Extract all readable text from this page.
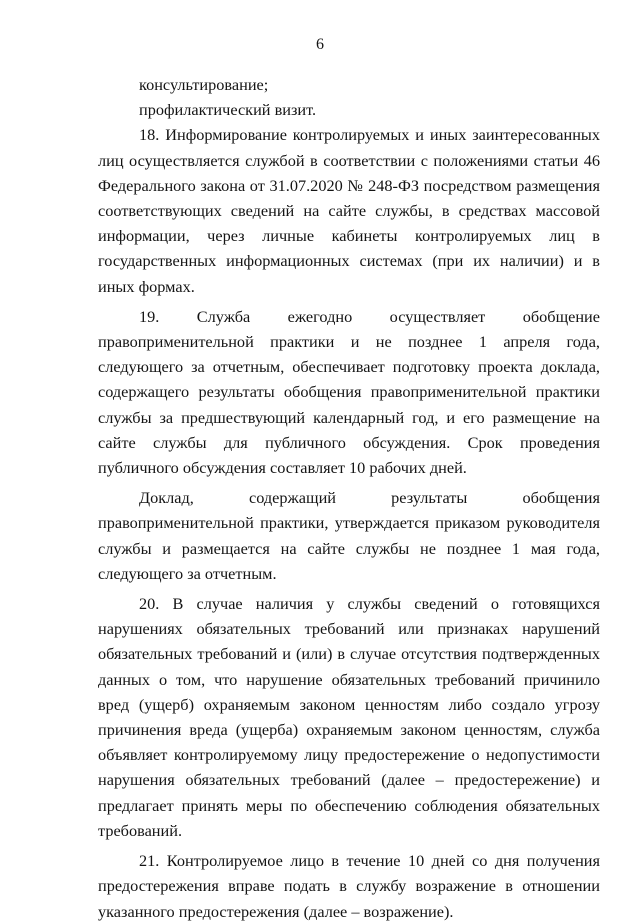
6

консультирование;

профилактический визит.

18. Информирование контролируемых и иных заинтересованных лиц осуществляется службой в соответствии с положениями статьи 46 Федерального закона от 31.07.2020 № 248-ФЗ посредством размещения соответствующих сведений на сайте службы, в средствах массовой информации, через личные кабинеты контролируемых лиц в государственных информационных системах (при их наличии) и в иных формах.

19. Служба ежегодно осуществляет обобщение правоприменительной практики и не позднее 1 апреля года, следующего за отчетным, обеспечивает подготовку проекта доклада, содержащего результаты обобщения правоприменительной практики службы за предшествующий календарный год, и его размещение на сайте службы для публичного обсуждения. Срок проведения публичного обсуждения составляет 10 рабочих дней.

Доклад, содержащий результаты обобщения правоприменительной практики, утверждается приказом руководителя службы и размещается на сайте службы не позднее 1 мая года, следующего за отчетным.

20. В случае наличия у службы сведений о готовящихся нарушениях обязательных требований или признаках нарушений обязательных требований и (или) в случае отсутствия подтвержденных данных о том, что нарушение обязательных требований причинило вред (ущерб) охраняемым законом ценностям либо создало угрозу причинения вреда (ущерба) охраняемым законом ценностям, служба объявляет контролируемому лицу предостережение о недопустимости нарушения обязательных требований (далее – предостережение) и предлагает принять меры по обеспечению соблюдения обязательных требований.

21. Контролируемое лицо в течение 10 дней со дня получения предостережения вправе подать в службу возражение в отношении указанного предостережения (далее – возражение).
